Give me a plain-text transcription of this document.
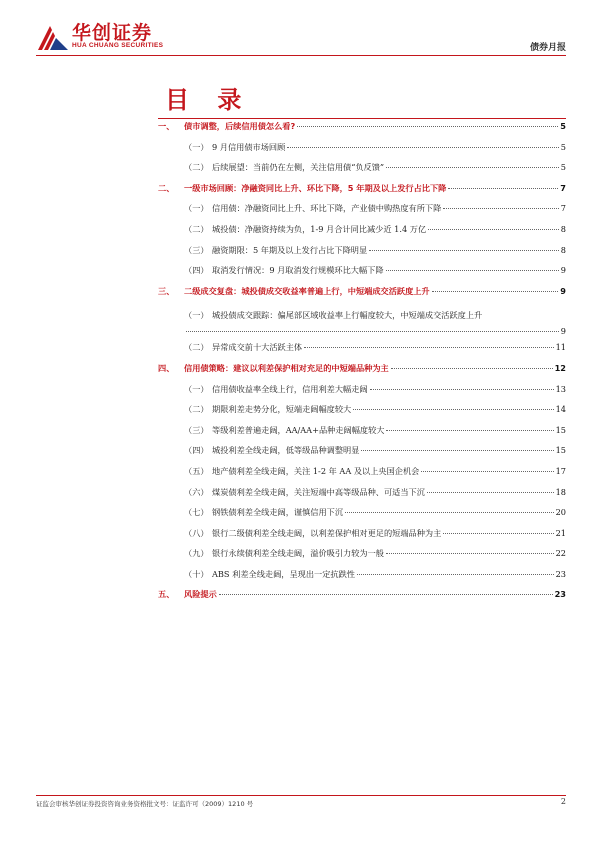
华创证券
HUA CHUANG SECURITIES	债券月报
目 录
一、	债市调整，后续信用债怎么看?	5
（一） 9 月信用债市场回顾	5
（二） 后续展望：当前仍在左侧，关注信用债“负反馈”	5
二、	一级市场回顾：净融资同比上升、环比下降，5 年期及以上发行占比下降	7
（一） 信用债：净融资同比上升、环比下降，产业债中购热度有所下降	7
（二） 城投债：净融资持续为负，1-9 月合计同比减少近 1.4 万亿	8
（三） 融资期限：5 年期及以上发行占比下降明显	8
（四） 取消发行情况：9 月取消发行规模环比大幅下降	9
三、	二级成交复盘：城投债成交收益率普遍上行，中短端成交活跃度上升	9
（一） 城投债成交跟踪：偏尾部区域收益率上行幅度较大，中短端成交活跃度上升
9
（二） 异常成交前十大活跃主体	11
四、	信用债策略：建议以利差保护相对充足的中短端品种为主	12
（一） 信用债收益率全线上行，信用利差大幅走阔	13
（二） 期限利差走势分化，短端走阔幅度较大	14
（三） 等级利差普遍走阔，AA/AA+品种走阔幅度较大	15
（四） 城投利差全线走阔，低等级品种调整明显	15
（五） 地产债利差全线走阔，关注 1-2 年 AA 及以上央国企机会	17
（六） 煤炭债利差全线走阔，关注短端中高等级品种、可适当下沉	18
（七） 钢铁债利差全线走阔，谨慎信用下沉	20
（八） 银行二级债利差全线走阔，以利差保护相对更足的短端品种为主	21
（九） 银行永续债利差全线走阔，溢价吸引力较为一般	22
（十） ABS 利差全线走阔，呈现出一定抗跌性	23
五、	风险提示	23
证监会审核华创证券投资咨询业务资格批文号：证监许可（2009）1210 号	2
